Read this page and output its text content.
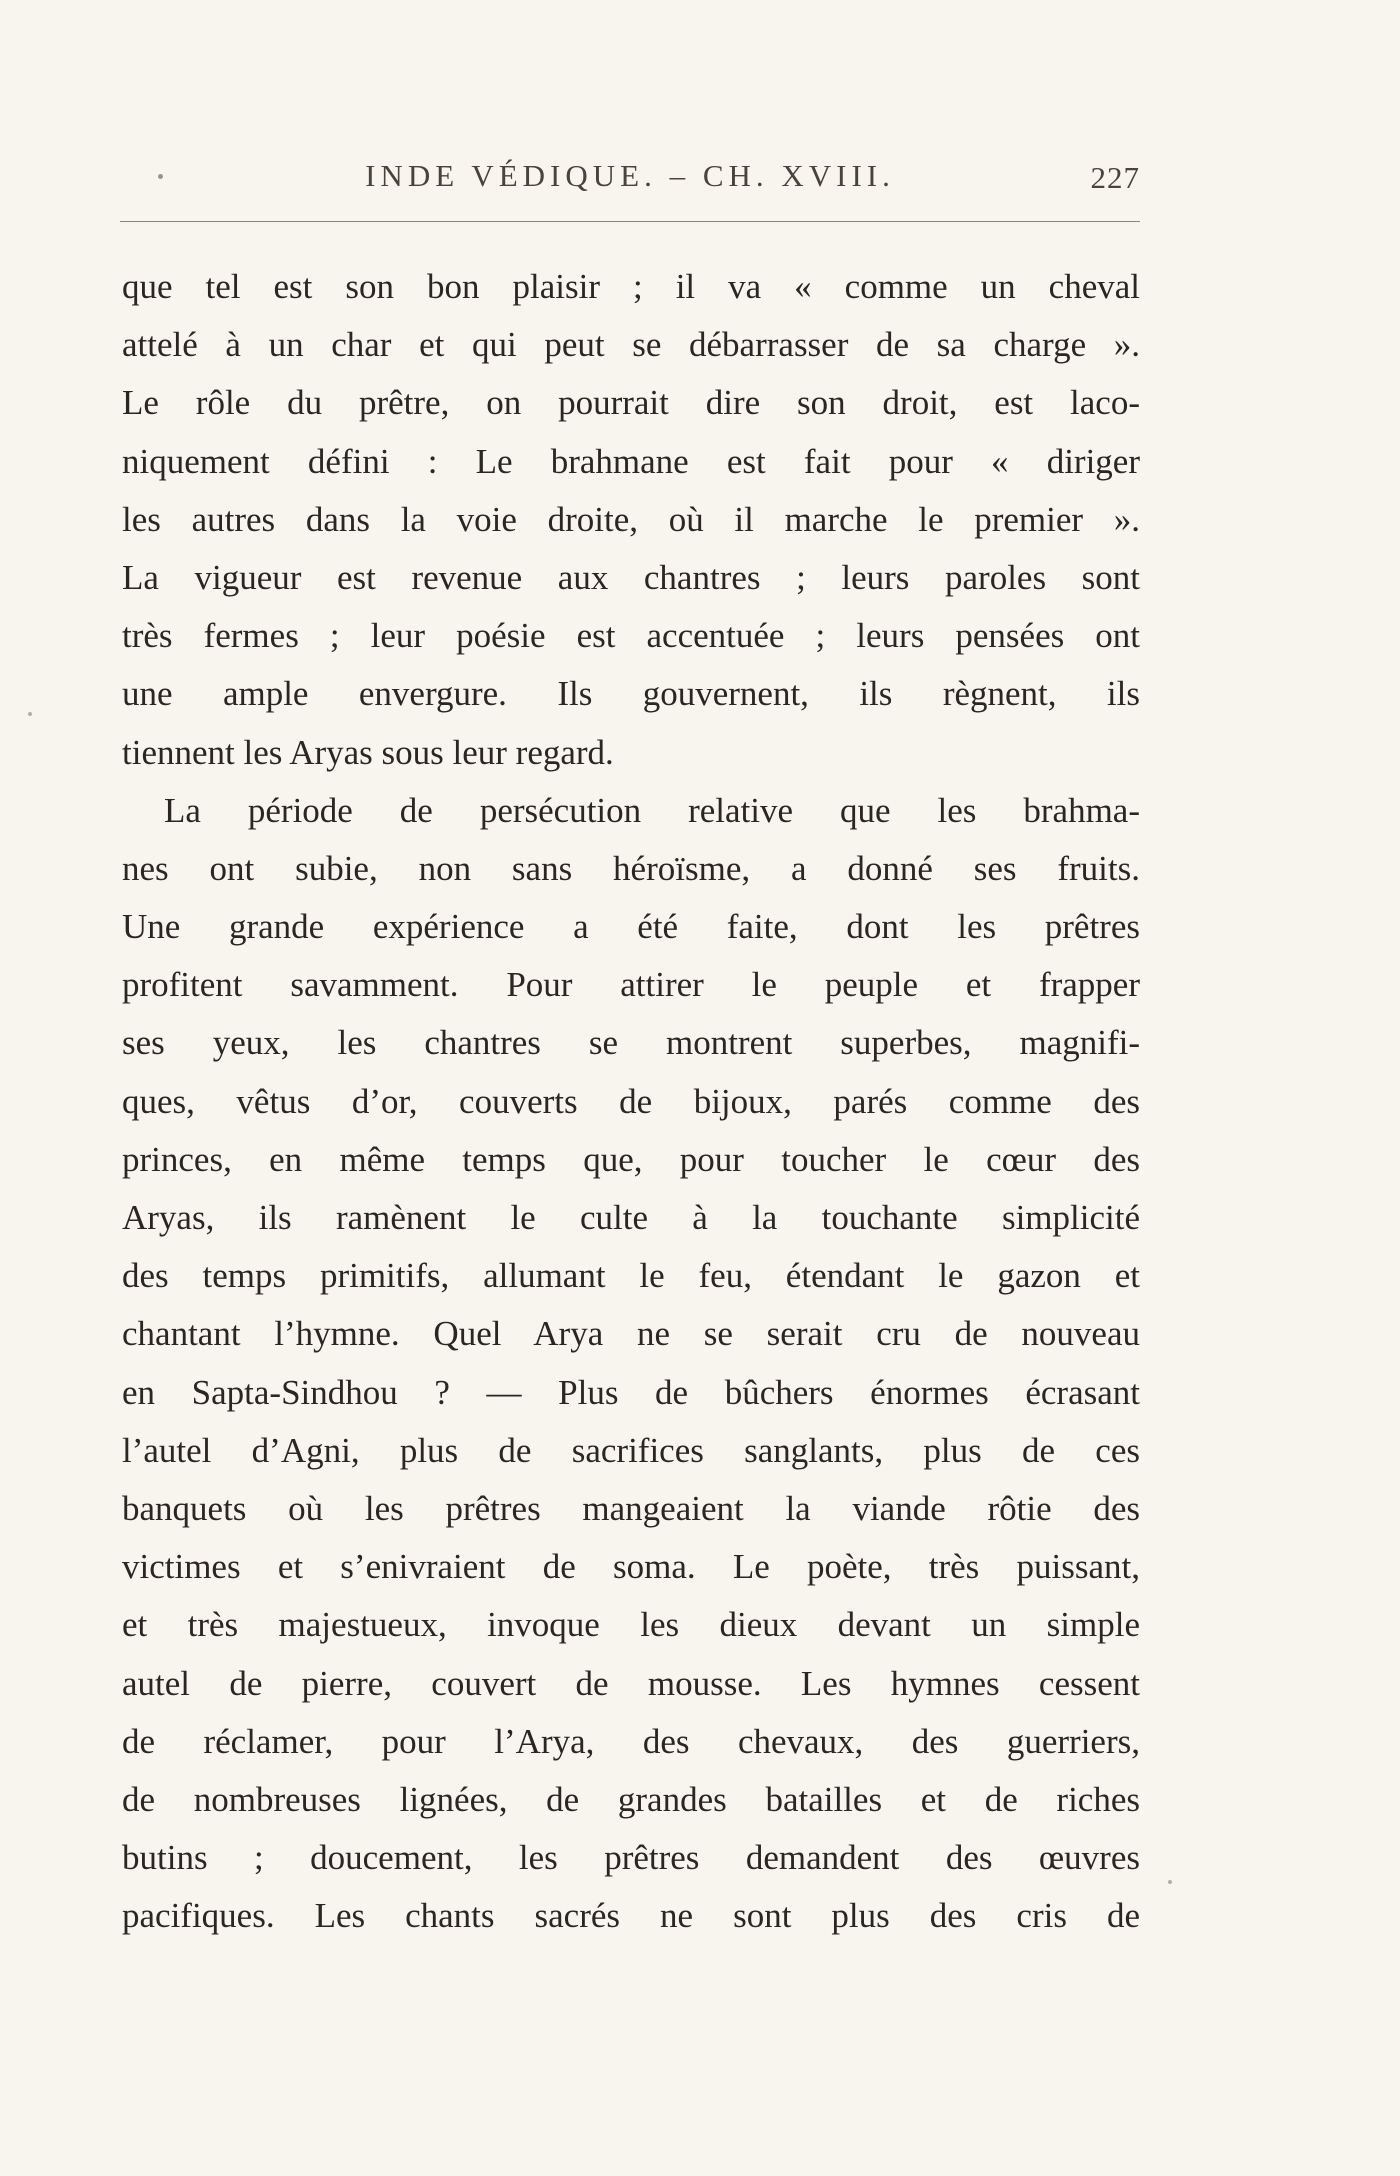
INDE VÉDIQUE. – CH. XVIII.	227
que tel est son bon plaisir ; il va « comme un cheval
attelé à un char et qui peut se débarrasser de sa charge ».
Le rôle du prêtre, on pourrait dire son droit, est laco-
niquement défini : Le brahmane est fait pour « diriger
les autres dans la voie droite, où il marche le premier ».
La vigueur est revenue aux chantres ; leurs paroles sont
très fermes ; leur poésie est accentuée ; leurs pensées ont
une ample envergure. Ils gouvernent, ils règnent, ils
tiennent les Aryas sous leur regard.
La période de persécution relative que les brahma-
nes ont subie, non sans héroïsme, a donné ses fruits.
Une grande expérience a été faite, dont les prêtres
profitent savamment. Pour attirer le peuple et frapper
ses yeux, les chantres se montrent superbes, magnifi-
ques, vêtus d’or, couverts de bijoux, parés comme des
princes, en même temps que, pour toucher le cœur des
Aryas, ils ramènent le culte à la touchante simplicité
des temps primitifs, allumant le feu, étendant le gazon et
chantant l’hymne. Quel Arya ne se serait cru de nouveau
en Sapta-Sindhou ? — Plus de bûchers énormes écrasant
l’autel d’Agni, plus de sacrifices sanglants, plus de ces
banquets où les prêtres mangeaient la viande rôtie des
victimes et s’enivraient de soma. Le poète, très puissant,
et très majestueux, invoque les dieux devant un simple
autel de pierre, couvert de mousse. Les hymnes cessent
de réclamer, pour l’Arya, des chevaux, des guerriers,
de nombreuses lignées, de grandes batailles et de riches
butins ; doucement, les prêtres demandent des œuvres
pacifiques. Les chants sacrés ne sont plus des cris de
